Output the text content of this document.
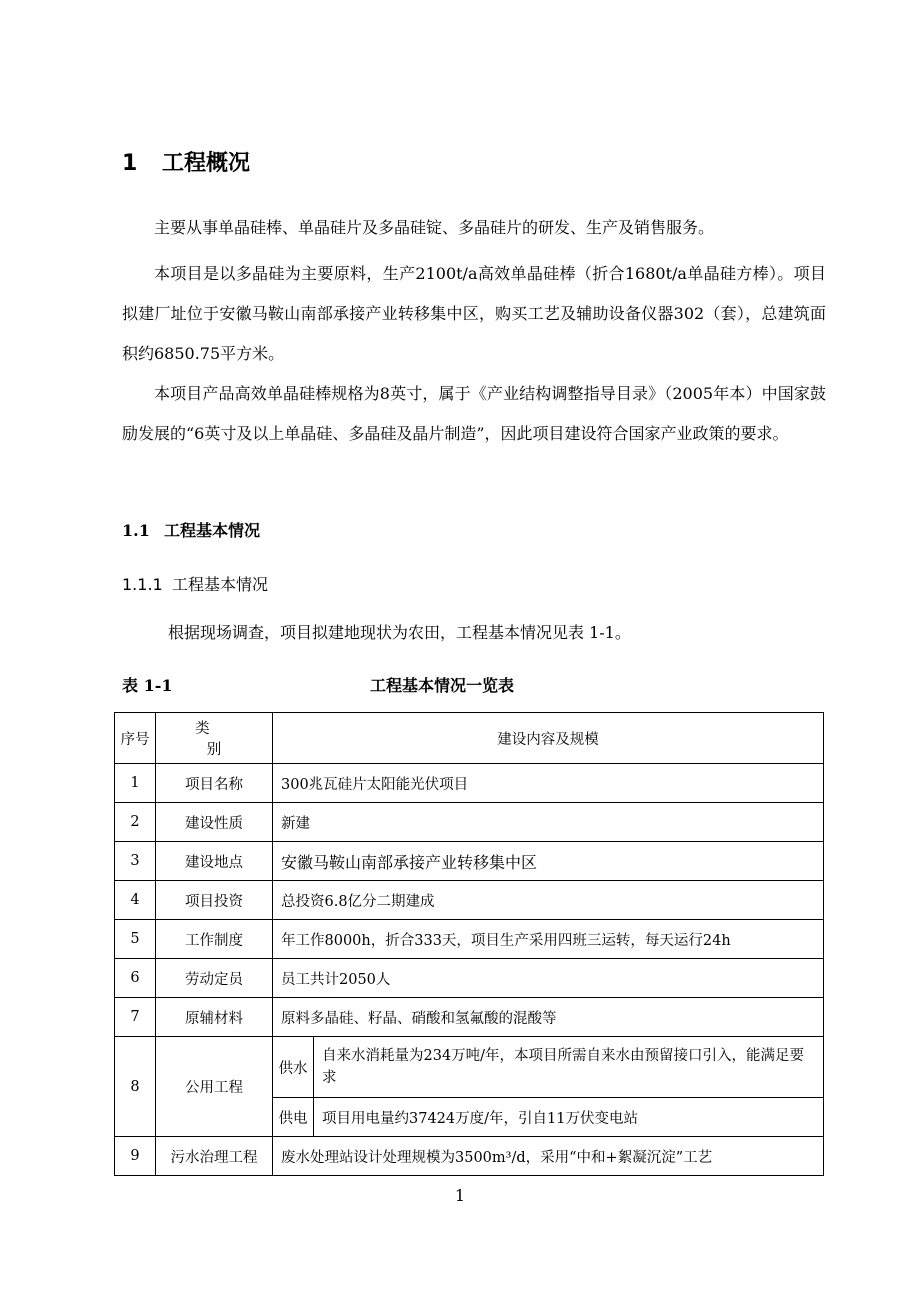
1 工程概况
主要从事单晶硅棒、单晶硅片及多晶硅锭、多晶硅片的研发、生产及销售服务。
本项目是以多晶硅为主要原料，生产2100t/a高效单晶硅棒（折合1680t/a单晶硅方棒）。项目拟建厂址位于安徽马鞍山南部承接产业转移集中区，购买工艺及辅助设备仪器302（套），总建筑面积约6850.75平方米。
本项目产品高效单晶硅棒规格为8英寸，属于《产业结构调整指导目录》（2005年本）中国家鼓励发展的“6英寸及以上单晶硅、多晶硅及晶片制造”，因此项目建设符合国家产业政策的要求。
1.1 工程基本情况
1.1.1 工程基本情况
根据现场调查，项目拟建地现状为农田，工程基本情况见表 1-1。
表 1-1	工程基本情况一览表
序号	类 别	建设内容及规模	
1	项目名称	300兆瓦硅片太阳能光伏项目	
2	建设性质	新建	
3	建设地点	安徽马鞍山南部承接产业转移集中区	
4	项目投资	总投资6.8亿分二期建成	
5	工作制度	年工作8000h，折合333天，项目生产采用四班三运转，每天运行24h	
6	劳动定员	员工共计2050人	
7	原辅材料	原料多晶硅、籽晶、硝酸和氢氟酸的混酸等	
8	公用工程	供水	自来水消耗量为234万吨/年，本项目所需自来水由预留接口引入，能满足要求
		供电	项目用电量约37424万度/年，引自11万伏变电站
9	污水治理工程	废水处理站设计处理规模为3500m³/d，采用“中和+絮凝沉淀”工艺	
1
